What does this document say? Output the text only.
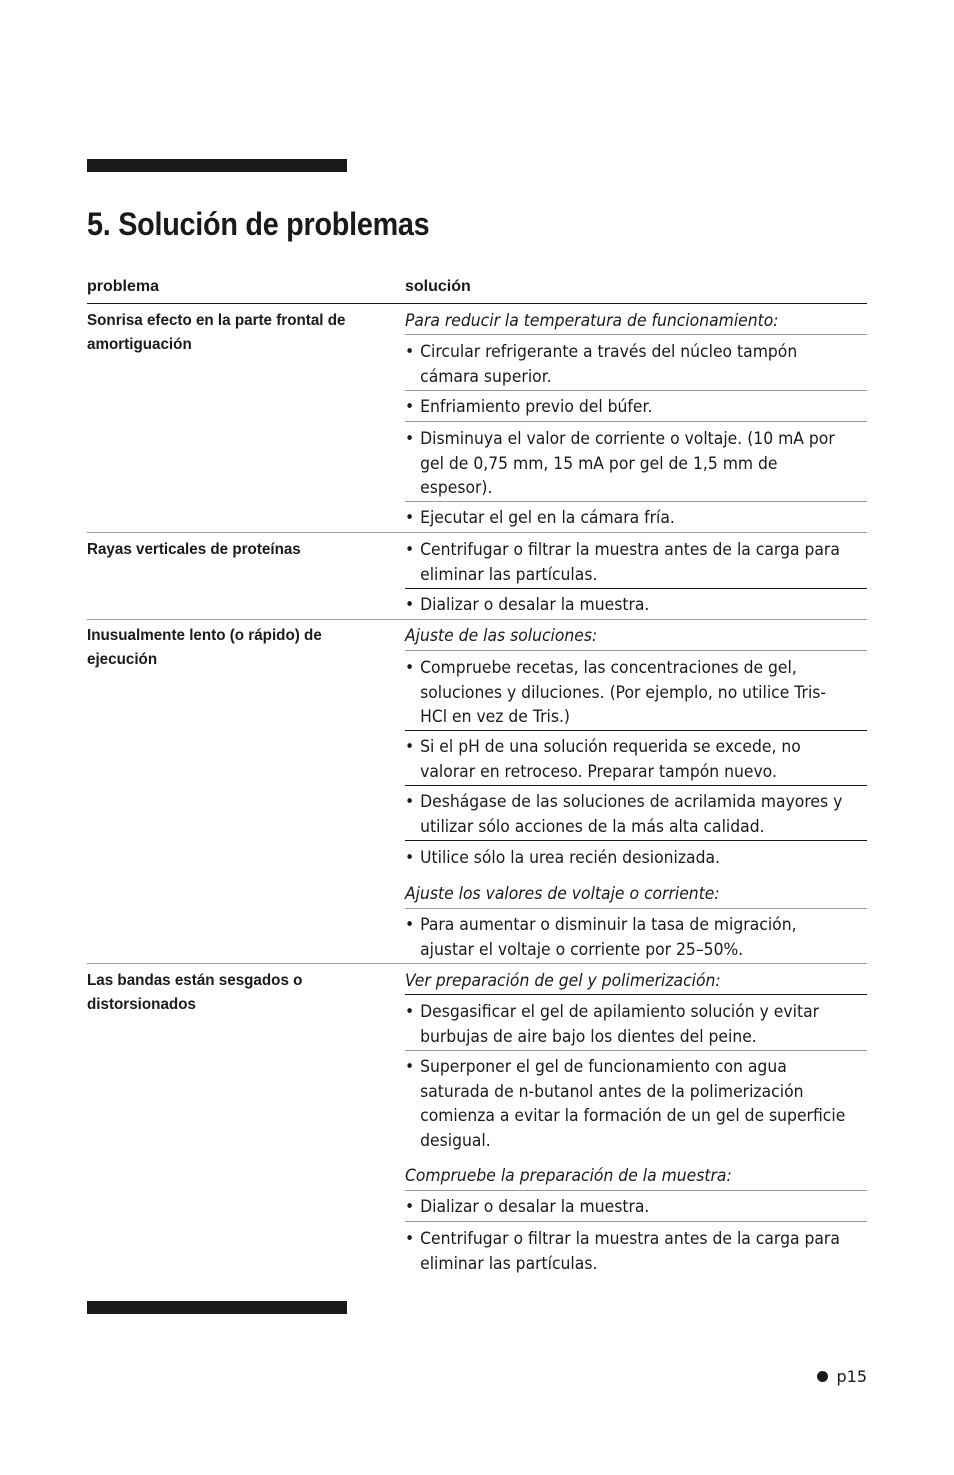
5. Solución de problemas
problema	solución
Sonrisa efecto en la parte frontal de amortiguación
Para reducir la temperatura de funcionamiento:
• Circular refrigerante a través del núcleo tampón cámara superior.
• Enfriamiento previo del búfer.
• Disminuya el valor de corriente o voltaje. (10 mA por gel de 0,75 mm, 15 mA por gel de 1,5 mm de espesor).
• Ejecutar el gel en la cámara fría.
Rayas verticales de proteínas
•	Centrifugar o filtrar la muestra antes de la carga para eliminar las partículas.
• Dializar o desalar la muestra.
Inusualmente lento (o rápido) de ejecución
Ajuste de las soluciones:
• Compruebe recetas, las concentraciones de gel, soluciones y diluciones. (Por ejemplo, no utilice Tris-HCl en vez de Tris.)
• Si el pH de una solución requerida se excede, no valorar en retroceso. Preparar tampón nuevo.
• Deshágase de las soluciones de acrilamida mayores y utilizar sólo acciones de la más alta calidad.
• Utilice sólo la urea recién desionizada.
Ajuste los valores de voltaje o corriente:
• Para aumentar o disminuir la tasa de migración, ajustar el voltaje o corriente por 25–50%.
Las bandas están sesgados o distorsionados
Ver preparación de gel y polimerización:
• Desgasificar el gel de apilamiento solución y evitar burbujas de aire bajo los dientes del peine.
• Superponer el gel de funcionamiento con agua saturada de n-butanol antes de la polimerización comienza a evitar la formación de un gel de superficie desigual.
Compruebe la preparación de la muestra:
• Dializar o desalar la muestra.
• Centrifugar o filtrar la muestra antes de la carga para eliminar las partículas.
p15
